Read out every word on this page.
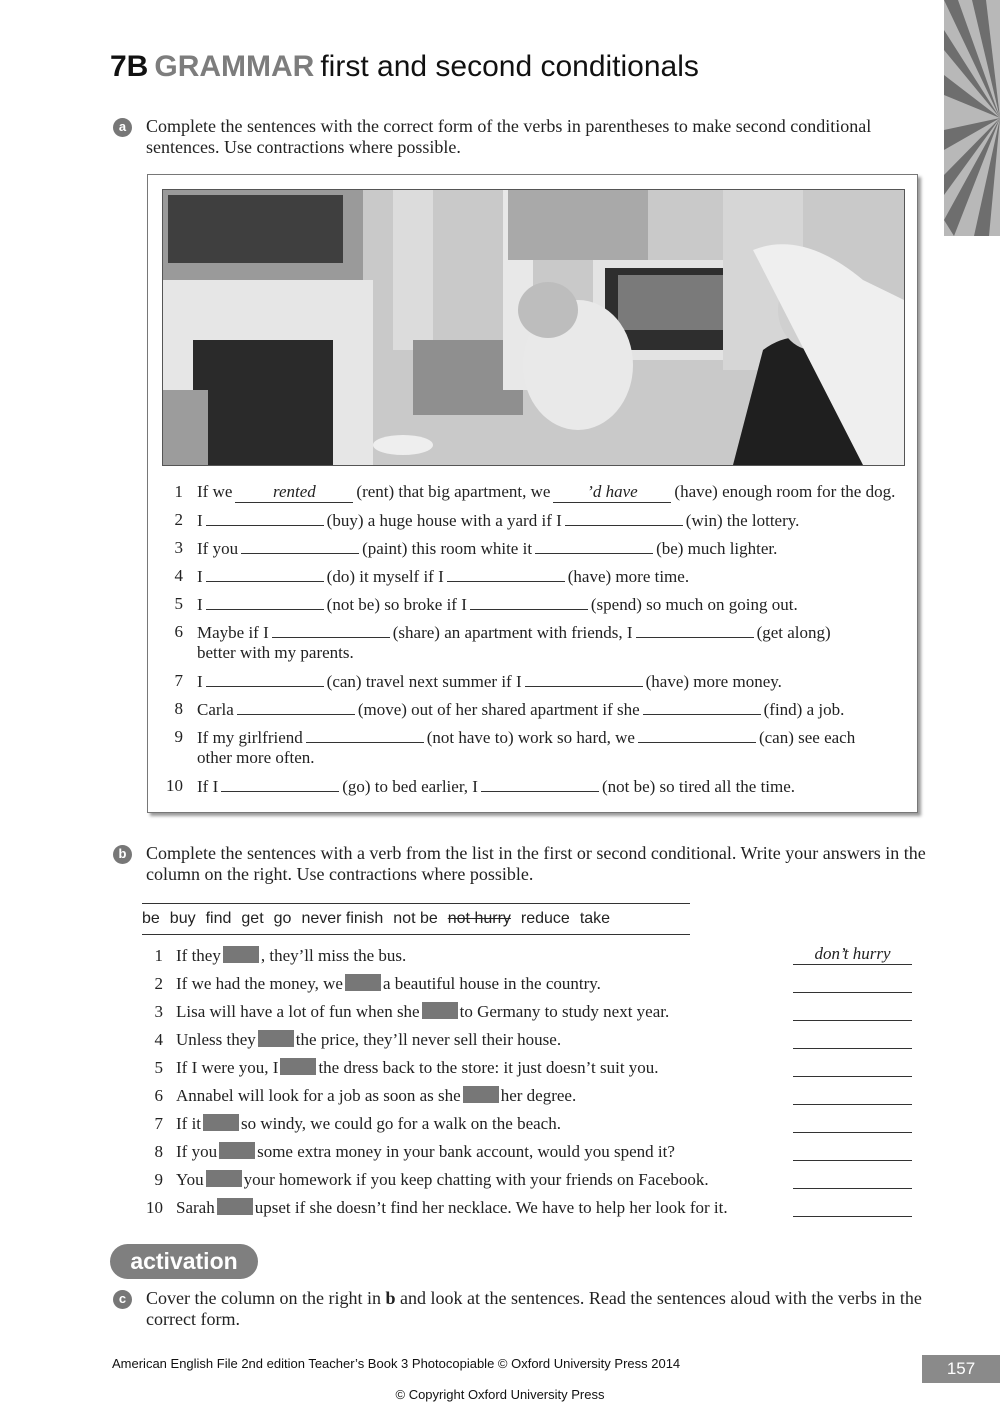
7B GRAMMAR first and second conditionals
a	Complete the sentences with the correct form of the verbs in parentheses to make second conditional sentences. Use contractions where possible.
1 If we rented (rent) that big apartment, we ’d have (have) enough room for the dog.
2 I	(buy) a huge house with a yard if I	(win) the lottery.
3 If you	(paint) this room white it	(be) much lighter.
4 I	(do) it myself if I	(have) more time.
5 I	(not be) so broke if I	(spend) so much on going out.
6 Maybe if I	(share) an apartment with friends, I	(get along)
better with my parents.
7 I	(can) travel next summer if I	(have) more money.
8 Carla	(move) out of her shared apartment if she	(find) a job.
9 If my girlfriend	(not have to) work so hard, we	(can) see each
other more often.
10 If I	(go) to bed earlier, I	(not be) so tired all the time.
b	Complete the sentences with a verb from the list in the first or second conditional. Write your answers in the column on the right. Use contractions where possible.
be buy find get go never finish not be not hurry reduce take
1 If they , they’ll miss the bus.	don’t hurry
2 If we had the money, we a beautiful house in the country.
3 Lisa will have a lot of fun when she to Germany to study next year.
4 Unless they the price, they’ll never sell their house.
5 If I were you, I the dress back to the store: it just doesn’t suit you.
6 Annabel will look for a job as soon as she her degree.
7 If it so windy, we could go for a walk on the beach.
8 If you some extra money in your bank account, would you spend it?
9 You your homework if you keep chatting with your friends on Facebook.
10 Sarah upset if she doesn’t find her necklace. We have to help her look for it.
activation
c	Cover the column on the right in b and look at the sentences. Read the sentences aloud with the verbs in the correct form.
American English File 2nd edition Teacher’s Book 3 Photocopiable © Oxford University Press 2014	157
© Copyright Oxford University Press
